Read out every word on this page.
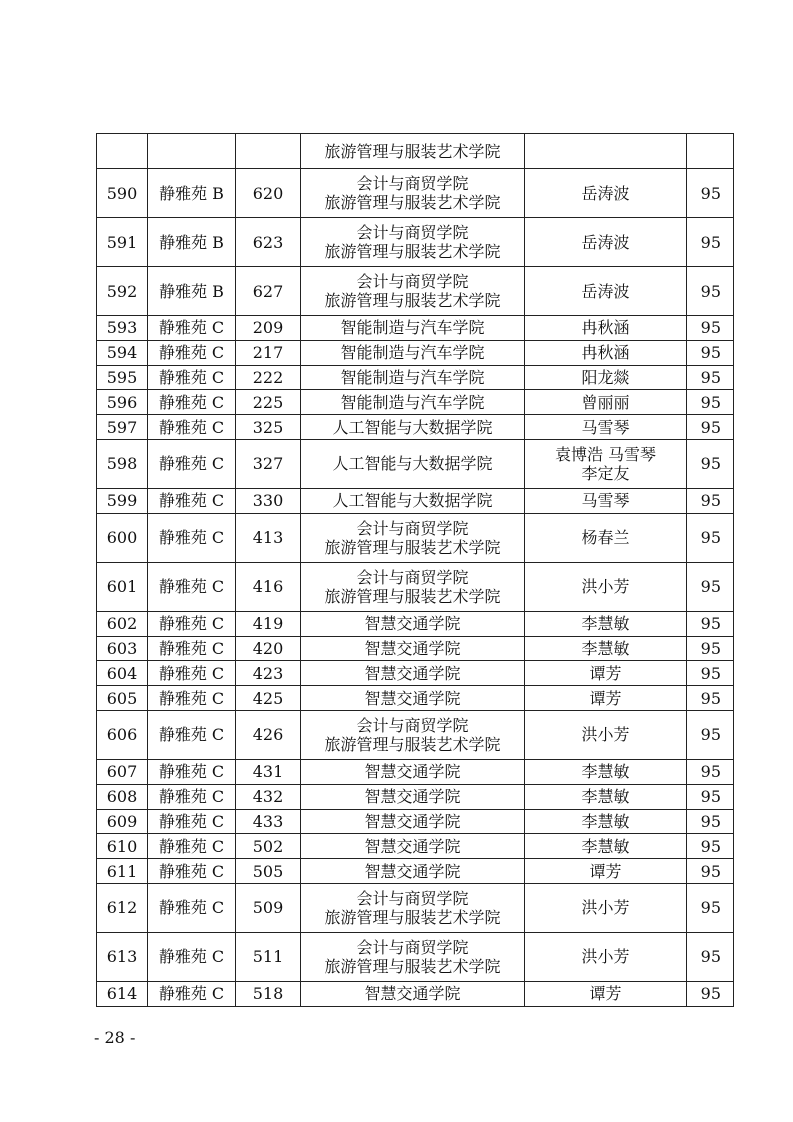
			旅游管理与服装艺术学院		

590	静雅苑 B	620	会计与商贸学院
旅游管理与服装艺术学院	岳涛波	95
591	静雅苑 B	623	会计与商贸学院
旅游管理与服装艺术学院	岳涛波	95
592	静雅苑 B	627	会计与商贸学院
旅游管理与服装艺术学院	岳涛波	95
593	静雅苑 C	209	智能制造与汽车学院	冉秋涵	95
594	静雅苑 C	217	智能制造与汽车学院	冉秋涵	95
595	静雅苑 C	222	智能制造与汽车学院	阳龙燚	95
596	静雅苑 C	225	智能制造与汽车学院	曾丽丽	95
597	静雅苑 C	325	人工智能与大数据学院	马雪琴	95
598	静雅苑 C	327	人工智能与大数据学院	袁博浩 马雪琴
李定友	95
599	静雅苑 C	330	人工智能与大数据学院	马雪琴	95
600	静雅苑 C	413	会计与商贸学院
旅游管理与服装艺术学院	杨春兰	95
601	静雅苑 C	416	会计与商贸学院
旅游管理与服装艺术学院	洪小芳	95
602	静雅苑 C	419	智慧交通学院	李慧敏	95
603	静雅苑 C	420	智慧交通学院	李慧敏	95
604	静雅苑 C	423	智慧交通学院	谭芳	95
605	静雅苑 C	425	智慧交通学院	谭芳	95
606	静雅苑 C	426	会计与商贸学院
旅游管理与服装艺术学院	洪小芳	95
607	静雅苑 C	431	智慧交通学院	李慧敏	95
608	静雅苑 C	432	智慧交通学院	李慧敏	95
609	静雅苑 C	433	智慧交通学院	李慧敏	95
610	静雅苑 C	502	智慧交通学院	李慧敏	95
611	静雅苑 C	505	智慧交通学院	谭芳	95
612	静雅苑 C	509	会计与商贸学院
旅游管理与服装艺术学院	洪小芳	95
613	静雅苑 C	511	会计与商贸学院
旅游管理与服装艺术学院	洪小芳	95
614	静雅苑 C	518	智慧交通学院	谭芳	95
- 28 -
